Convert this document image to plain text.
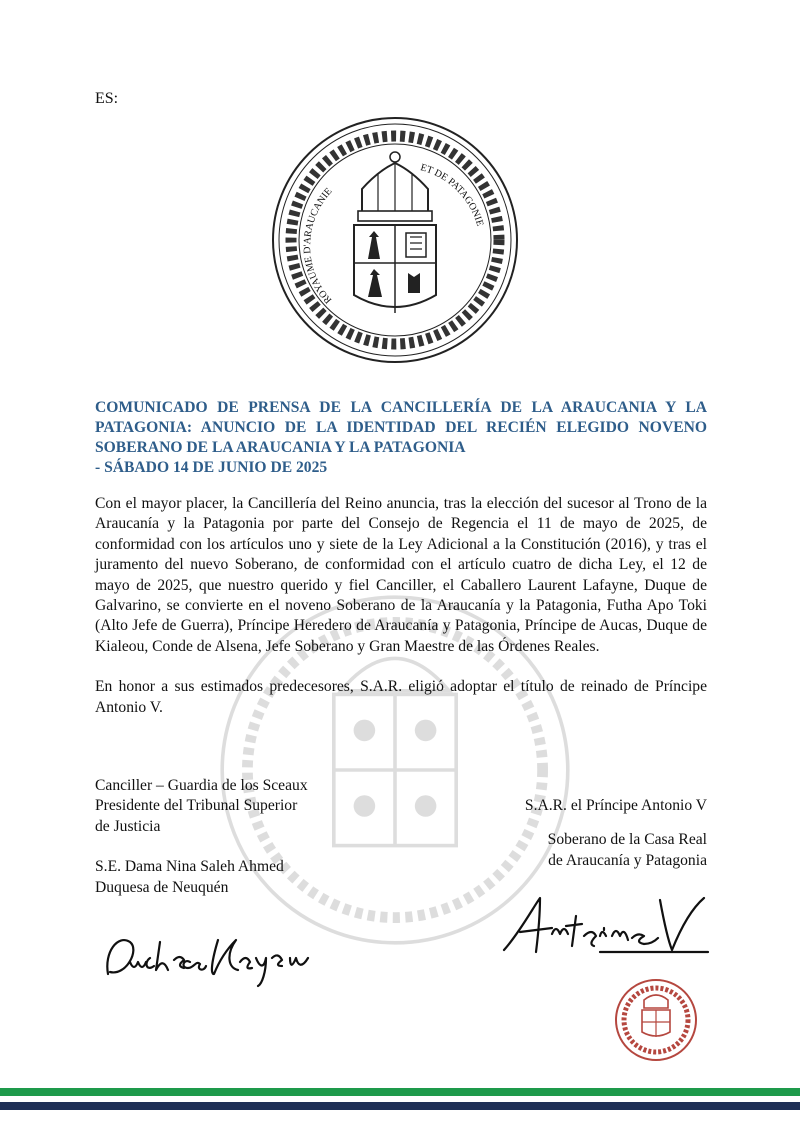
ES:
ROYAUME D'ARAUCANIE
ET DE PATAGONIE
COMUNICADO DE PRENSA DE LA CANCILLERÍA DE LA ARAUCANIA Y LA PATAGONIA: ANUNCIO DE LA IDENTIDAD DEL RECIÉN ELEGIDO NOVENO SOBERANO DE LA ARAUCANIA Y LA PATAGONIA
- SÁBADO 14 DE JUNIO DE 2025

Con el mayor placer, la Cancillería del Reino anuncia, tras la elección del sucesor al Trono de la Araucanía y la Patagonia por parte del Consejo de Regencia el 11 de mayo de 2025, de conformidad con los artículos uno y siete de la Ley Adicional a la Constitución (2016), y tras el juramento del nuevo Soberano, de conformidad con el artículo cuatro de dicha Ley, el 12 de mayo de 2025, que nuestro querido y fiel Canciller, el Caballero Laurent Lafayne, Duque de Galvarino, se convierte en el noveno Soberano de la Araucanía y la Patagonia, Futha Apo Toki (Alto Jefe de Guerra), Príncipe Heredero de Araucanía y Patagonia, Príncipe de Aucas, Duque de Kialeou, Conde de Alsena, Jefe Soberano y Gran Maestre de las Órdenes Reales.

En honor a sus estimados predecesores, S.A.R. eligió adoptar el título de reinado de Príncipe Antonio V.

Canciller – Guardia de los Sceaux
Presidente del Tribunal Superior
de Justicia
S.E. Dama Nina Saleh Ahmed
Duquesa de Neuquén
S.A.R. el Príncipe Antonio V
Soberano de la Casa Real
de Araucanía y Patagonia
